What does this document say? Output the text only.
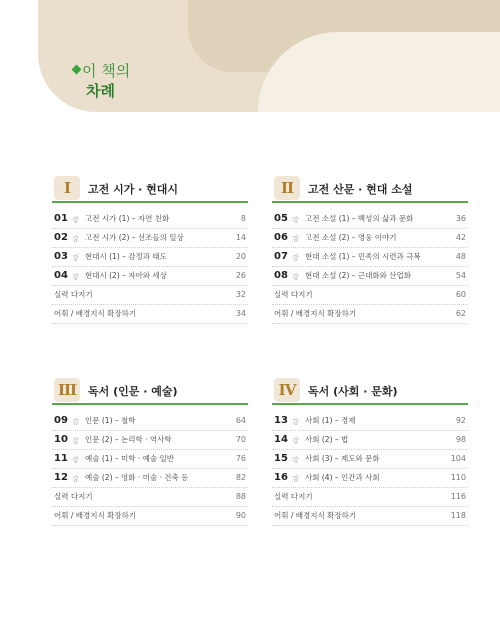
이 책의
차례
I	고전 시가 · 현대시
01 강 고전 시가 (1) – 자연 친화	8
02 강 고전 시가 (2) – 선조들의 일상	14
03 강 현대시 (1) – 감정과 태도	20
04 강 현대시 (2) – 자아와 세상	26
실력 다지기	32
어휘 / 배경지식 확장하기	34
II	고전 산문 · 현대 소설
05 강 고전 소설 (1) – 백성의 삶과 문화	36
06 강 고전 소설 (2) – 영웅 이야기	42
07 강 현대 소설 (1) – 민족의 시련과 극복	48
08 강 현대 소설 (2) – 근대화와 산업화	54
실력 다지기	60
어휘 / 배경지식 확장하기	62
III	독서 (인문 · 예술)
09 강 인문 (1) – 철학	64
10 강 인문 (2) – 논리학 · 역사학	70
11 강 예술 (1) – 미학 · 예술 일반	76
12 강 예술 (2) – 영화 · 미술 · 건축 등	82
실력 다지기	88
어휘 / 배경지식 확장하기	90
IV	독서 (사회 · 문화)
13 강 사회 (1) – 경제	92
14 강 사회 (2) – 법	98
15 강 사회 (3) – 제도와 문화	104
16 강 사회 (4) – 인간과 사회	110
실력 다지기	116
어휘 / 배경지식 확장하기	118
